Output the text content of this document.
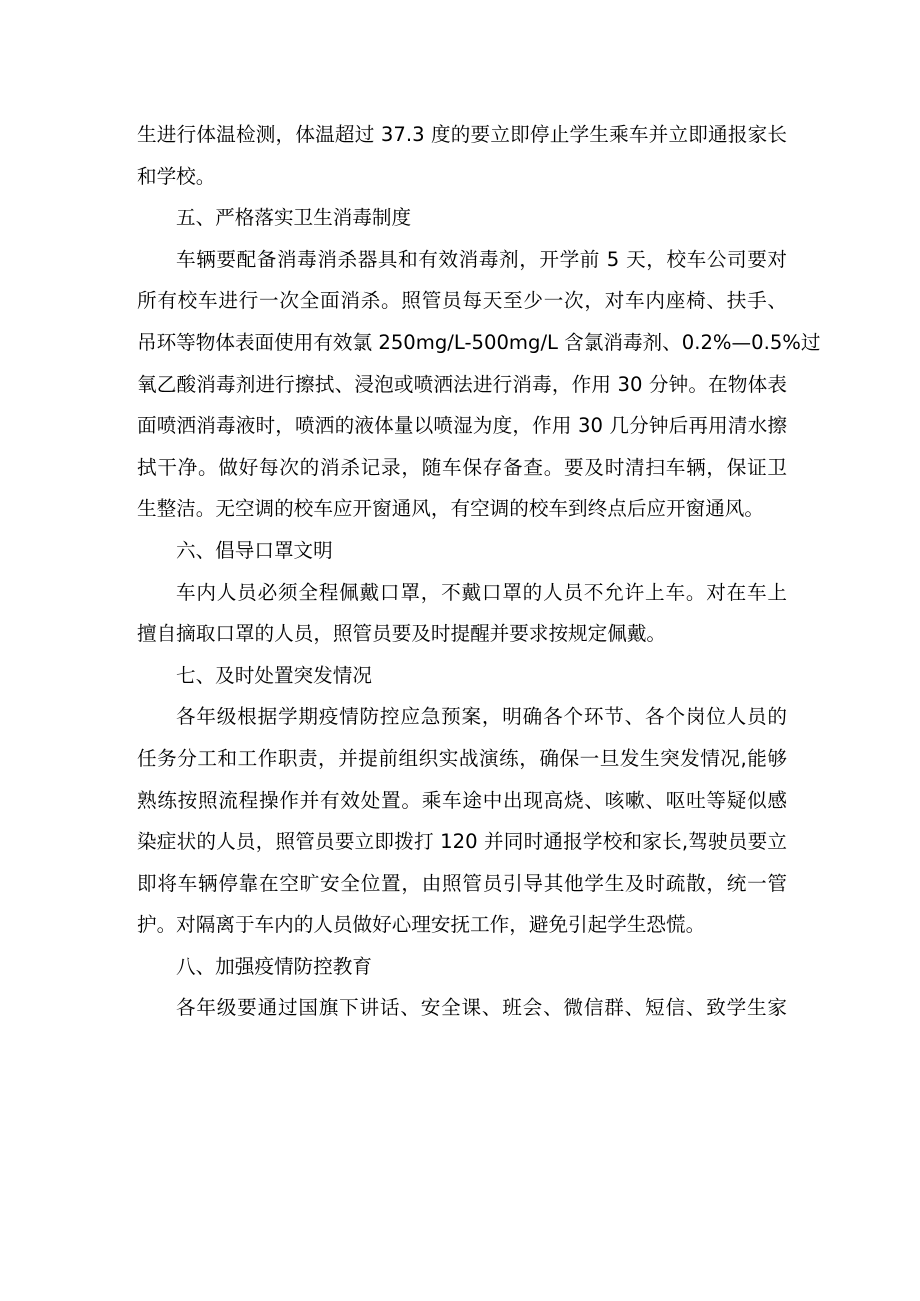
生进行体温检测，体温超过 37.3 度的要立即停止学生乘车并立即通报家长
和学校。
五、严格落实卫生消毒制度
车辆要配备消毒消杀器具和有效消毒剂，开学前 5 天，校车公司要对
所有校车进行一次全面消杀。照管员每天至少一次，对车内座椅、扶手、
吊环等物体表面使用有效氯 250mg/L-500mg/L 含氯消毒剂、0.2%—0.5%过
氧乙酸消毒剂进行擦拭、浸泡或喷洒法进行消毒，作用 30 分钟。在物体表
面喷洒消毒液时，喷洒的液体量以喷湿为度，作用 30 几分钟后再用清水擦
拭干净。做好每次的消杀记录，随车保存备查。要及时清扫车辆，保证卫
生整洁。无空调的校车应开窗通风，有空调的校车到终点后应开窗通风。
六、倡导口罩文明
车内人员必须全程佩戴口罩，不戴口罩的人员不允许上车。对在车上
擅自摘取口罩的人员，照管员要及时提醒并要求按规定佩戴。
七、及时处置突发情况
各年级根据学期疫情防控应急预案，明确各个环节、各个岗位人员的
任务分工和工作职责，并提前组织实战演练，确保一旦发生突发情况,能够
熟练按照流程操作并有效处置。乘车途中出现高烧、咳嗽、呕吐等疑似感
染症状的人员，照管员要立即拨打 120 并同时通报学校和家长,驾驶员要立
即将车辆停靠在空旷安全位置，由照管员引导其他学生及时疏散，统一管
护。对隔离于车内的人员做好心理安抚工作，避免引起学生恐慌。
八、加强疫情防控教育
各年级要通过国旗下讲话、安全课、班会、微信群、短信、致学生家
